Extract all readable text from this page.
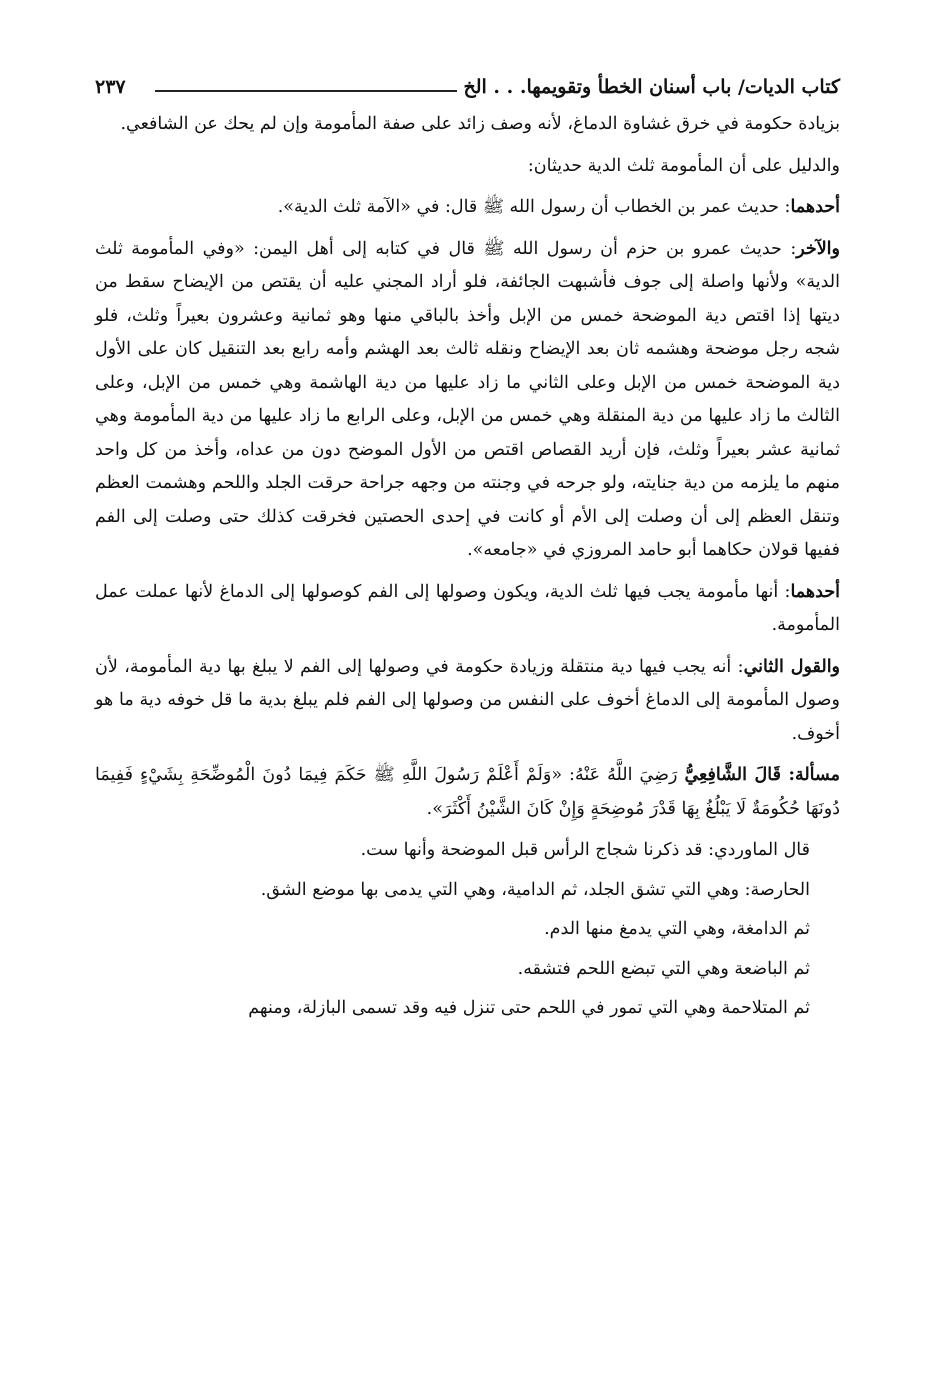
كتاب الديات/ باب أسنان الخطأ وتقويمها. . . الخ
٢٣٧

بزيادة حكومة في خرق غشاوة الدماغ، لأنه وصف زائد على صفة المأمومة وإن لم يحك عن الشافعي.

والدليل على أن المأمومة ثلث الدية حديثان:

أحدهما: حديث عمر بن الخطاب أن رسول الله ﷺ قال: في «الآمة ثلث الدية».

والآخر: حديث عمرو بن حزم أن رسول الله ﷺ قال في كتابه إلى أهل اليمن: «وفي المأمومة ثلث الدية» ولأنها واصلة إلى جوف فأشبهت الجائفة، فلو أراد المجني عليه أن يقتص من الإيضاح سقط من ديتها إذا اقتص دية الموضحة خمس من الإبل وأخذ بالباقي منها وهو ثمانية وعشرون بعيراً وثلث، فلو شجه رجل موضحة وهشمه ثان بعد الإيضاح ونقله ثالث بعد الهشم وأمه رابع بعد التنقيل كان على الأول دية الموضحة خمس من الإبل وعلى الثاني ما زاد عليها من دية الهاشمة وهي خمس من الإبل، وعلى الثالث ما زاد عليها من دية المنقلة وهي خمس من الإبل، وعلى الرابع ما زاد عليها من دية المأمومة وهي ثمانية عشر بعيراً وثلث، فإن أريد القصاص اقتص من الأول الموضح دون من عداه، وأخذ من كل واحد منهم ما يلزمه من دية جنايته، ولو جرحه في وجنته من وجهه جراحة حرقت الجلد واللحم وهشمت العظم وتنقل العظم إلى أن وصلت إلى الأم أو كانت في إحدى الحصتين فخرقت كذلك حتى وصلت إلى الفم ففيها قولان حكاهما أبو حامد المروزي في «جامعه».

أحدهما: أنها مأمومة يجب فيها ثلث الدية، ويكون وصولها إلى الفم كوصولها إلى الدماغ لأنها عملت عمل المأمومة.

والقول الثاني: أنه يجب فيها دية منتقلة وزيادة حكومة في وصولها إلى الفم لا يبلغ بها دية المأمومة، لأن وصول المأمومة إلى الدماغ أخوف على النفس من وصولها إلى الفم فلم يبلغ بدية ما قل خوفه دية ما هو أخوف.

مسألة: قَالَ الشَّافِعِيُّ رَضِيَ اللَّهُ عَنْهُ: «وَلَمْ أَعْلَمْ رَسُولَ اللَّهِ ﷺ حَكَمَ فِيمَا دُونَ الْمُوضِّحَةِ بِشَيْءٍ فَفِيمَا دُونَهَا حُكُومَةٌ لَا يَبْلُغُ بِهَا قَدْرَ مُوضِحَةٍ وَإِنْ كَانَ الشَّيْنُ أَكْثَرَ».

قال الماوردي: قد ذكرنا شجاج الرأس قبل الموضحة وأنها ست.

الحارصة: وهي التي تشق الجلد، ثم الدامية، وهي التي يدمى بها موضع الشق.

ثم الدامغة، وهي التي يدمغ منها الدم.

ثم الباضعة وهي التي تبضع اللحم فتشقه.

ثم المتلاحمة وهي التي تمور في اللحم حتى تنزل فيه وقد تسمى البازلة، ومنهم
